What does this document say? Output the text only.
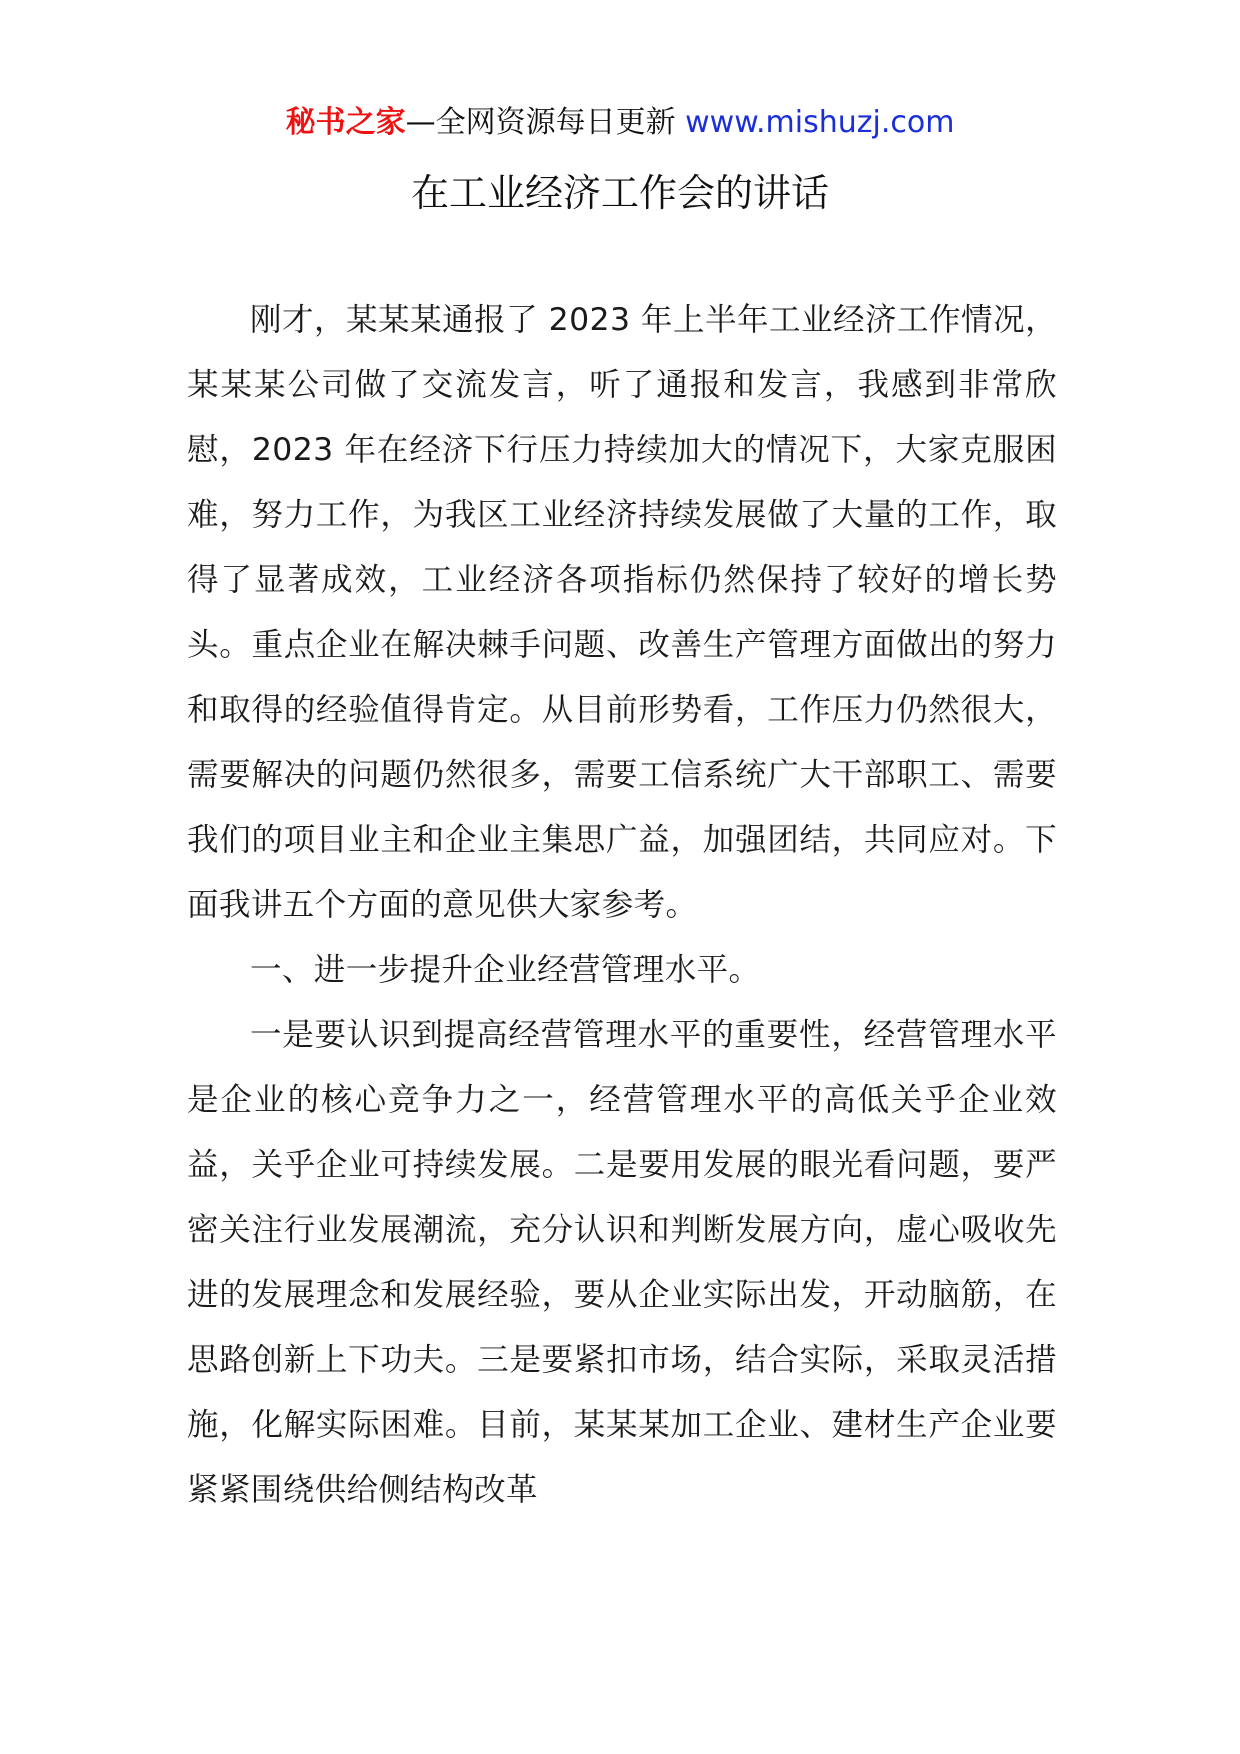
秘书之家—全网资源每日更新 www.mishuzj.com
在工业经济工作会的讲话

刚才，某某某通报了 2023 年上半年工业经济工作情况，某某某公司做了交流发言，听了通报和发言，我感到非常欣慰，2023 年在经济下行压力持续加大的情况下，大家克服困难，努力工作，为我区工业经济持续发展做了大量的工作，取得了显著成效，工业经济各项指标仍然保持了较好的增长势头。重点企业在解决棘手问题、改善生产管理方面做出的努力和取得的经验值得肯定。从目前形势看，工作压力仍然很大，需要解决的问题仍然很多，需要工信系统广大干部职工、需要我们的项目业主和企业主集思广益，加强团结，共同应对。下面我讲五个方面的意见供大家参考。

一、进一步提升企业经营管理水平。

一是要认识到提高经营管理水平的重要性，经营管理水平是企业的核心竞争力之一，经营管理水平的高低关乎企业效益，关乎企业可持续发展。二是要用发展的眼光看问题，要严密关注行业发展潮流，充分认识和判断发展方向，虚心吸收先进的发展理念和发展经验，要从企业实际出发，开动脑筋，在思路创新上下功夫。三是要紧扣市场，结合实际，采取灵活措施，化解实际困难。目前，某某某加工企业、建材生产企业要紧紧围绕供给侧结构改革
